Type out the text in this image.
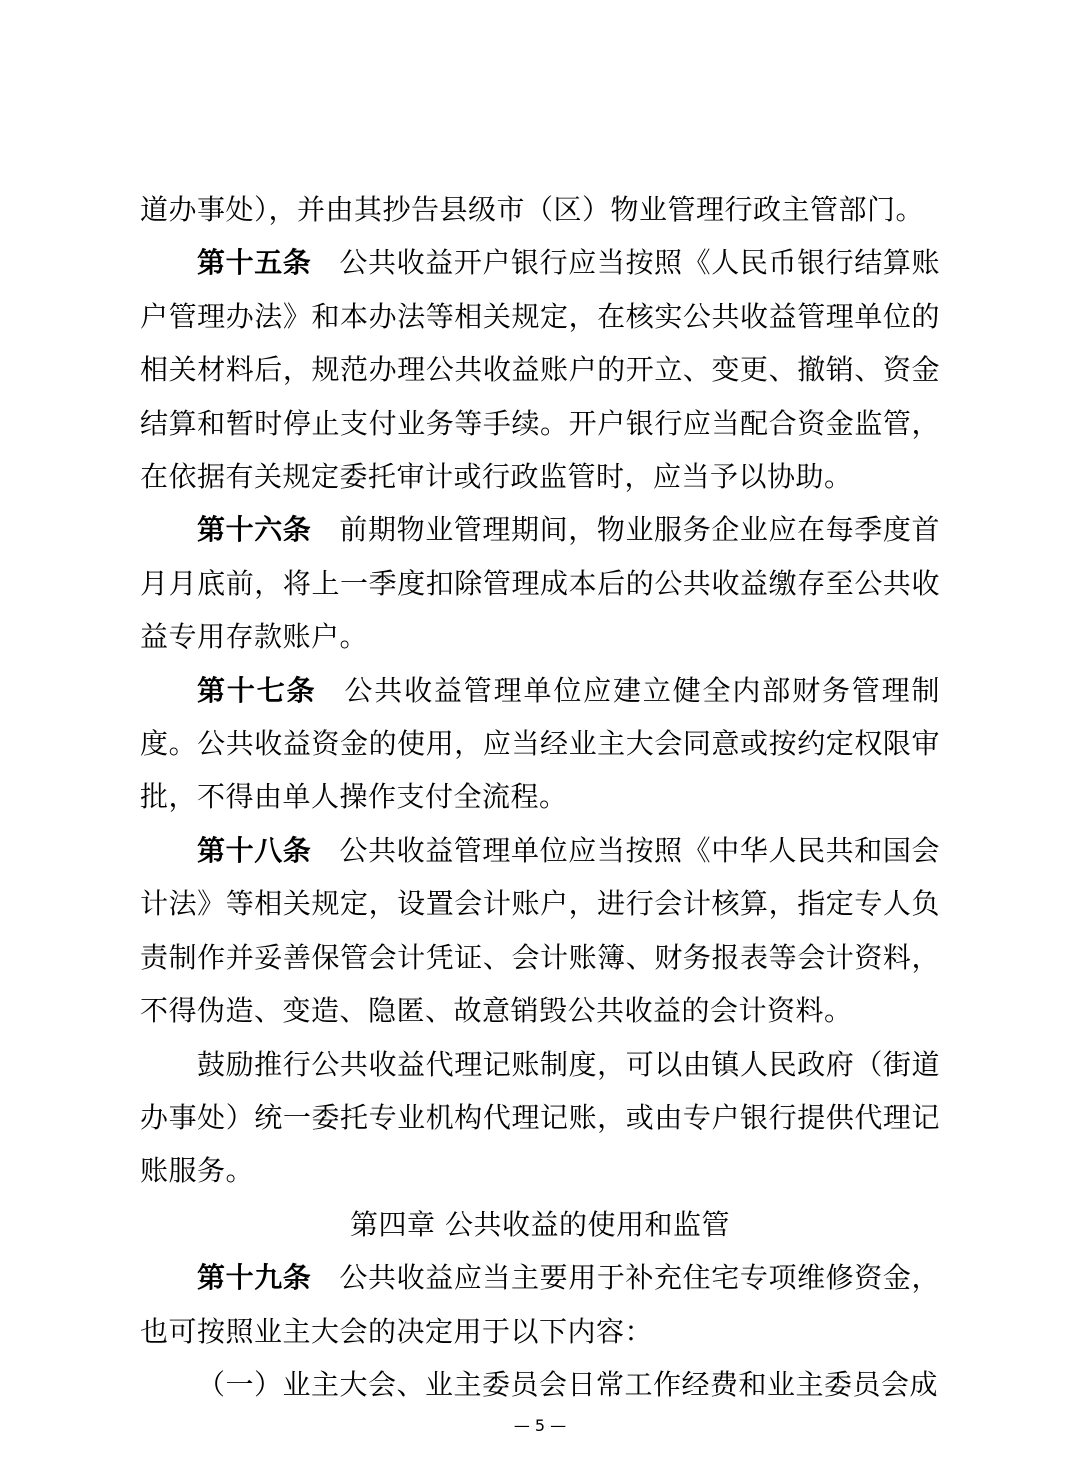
道办事处），并由其抄告县级市（区）物业管理行政主管部门。

第十五条 公共收益开户银行应当按照《人民币银行结算账户管理办法》和本办法等相关规定，在核实公共收益管理单位的相关材料后，规范办理公共收益账户的开立、变更、撤销、资金结算和暂时停止支付业务等手续。开户银行应当配合资金监管，在依据有关规定委托审计或行政监管时，应当予以协助。

第十六条 前期物业管理期间，物业服务企业应在每季度首月月底前，将上一季度扣除管理成本后的公共收益缴存至公共收益专用存款账户。

第十七条 公共收益管理单位应建立健全内部财务管理制度。公共收益资金的使用，应当经业主大会同意或按约定权限审批，不得由单人操作支付全流程。

第十八条 公共收益管理单位应当按照《中华人民共和国会计法》等相关规定，设置会计账户，进行会计核算，指定专人负责制作并妥善保管会计凭证、会计账簿、财务报表等会计资料，不得伪造、变造、隐匿、故意销毁公共收益的会计资料。

鼓励推行公共收益代理记账制度，可以由镇人民政府（街道办事处）统一委托专业机构代理记账，或由专户银行提供代理记账服务。

第四章 公共收益的使用和监管

第十九条 公共收益应当主要用于补充住宅专项维修资金，也可按照业主大会的决定用于以下内容：

（一）业主大会、业主委员会日常工作经费和业主委员会成

— 5 —
